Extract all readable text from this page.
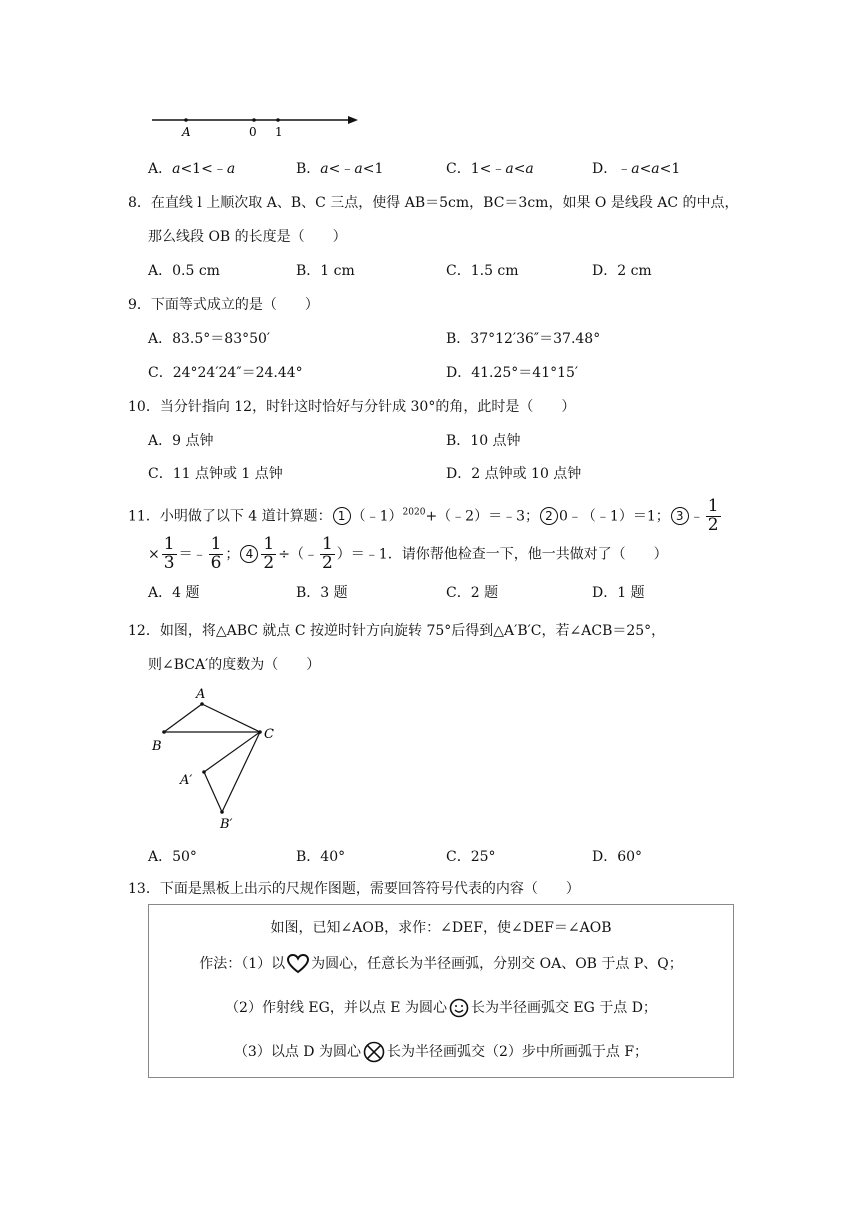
A	0 1
A．𝑎<1<﹣𝑎	B．𝑎<﹣𝑎<1	C．1<﹣𝑎<𝑎	D．﹣𝑎<𝑎<1
8．在直线 l 上顺次取 A、B、C 三点，使得 AB＝5cm，BC＝3cm，如果 O 是线段 AC 的中点，
那么线段 OB 的长度是（　　）
A．0.5 cm	B．1 cm	C．1.5 cm	D．2 cm
9．下面等式成立的是（　　）
A．83.5°＝83°50′	B．37°12′36″＝37.48°
C．24°24′24″＝24.44°	D．41.25°＝41°15′
10．当分针指向 12，时针这时恰好与分针成 30°的角，此时是（　　）
A．9 点钟	B．10 点钟
C．11 点钟或 1 点钟	D．2 点钟或 10 点钟
11．小明做了以下 4 道计算题： 1 （﹣1）$^{2020}$+（﹣2）＝﹣3； 2 0﹣（﹣1）＝1； 3 ﹣ $\frac{1}{2}$
× $\frac{1}{3}$ ＝﹣ $\frac{1}{6}$ ； $4 \frac{1}{2}$ ÷（﹣ $\frac{1}{2}$ ）＝﹣1．请你帮他检查一下，他一共做对了（　　）
A．4 题	B．3 题	C．2 题	D．1 题
12．如图，将△ABC 就点 C 按逆时针方向旋转 75°后得到△A′B′C，若∠ACB＝25°，
则∠BCA′的度数为（　　）
A
B
C
A′
B′
A．50°	B．40°	C．25°	D．60°
13．下面是黑板上出示的尺规作图题，需要回答符号代表的内容（　　）
如图，已知∠AOB，求作：∠DEF，使∠DEF＝∠AOB
作法：（1）以 为圆心，任意长为半径画弧，分别交 OA、OB 于点 P、Q；
（2）作射线 EG，并以点 E 为圆心 长为半径画弧交 EG 于点 D；
（3）以点 D 为圆心 长为半径画弧交（2）步中所画弧于点 F；
